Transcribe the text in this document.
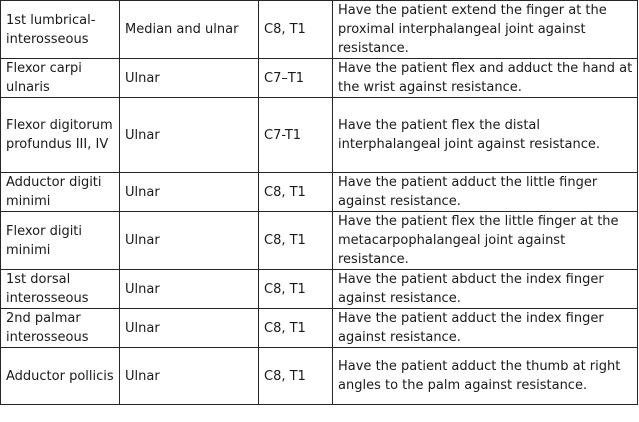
1st lumbrical-interosseous	Median and ulnar	C8, T1	Have the patient extend the finger at the proximal interphalangeal joint against resistance.
Flexor carpi ulnaris	Ulnar	C7–T1	Have the patient flex and adduct the hand at the wrist against resistance.
Flexor digitorum profundus III, IV	Ulnar	C7-T1	Have the patient flex the distal interphalangeal joint against resistance.
Adductor digiti minimi	Ulnar	C8, T1	Have the patient adduct the little finger against resistance.
Flexor digiti minimi	Ulnar	C8, T1	Have the patient flex the little finger at the metacarpophalangeal joint against resistance.
1st dorsal interosseous	Ulnar	C8, T1	Have the patient abduct the index finger against resistance.
2nd palmar interosseous	Ulnar	C8, T1	Have the patient adduct the index finger against resistance.
Adductor pollicis	Ulnar	C8, T1	Have the patient adduct the thumb at right angles to the palm against resistance.
